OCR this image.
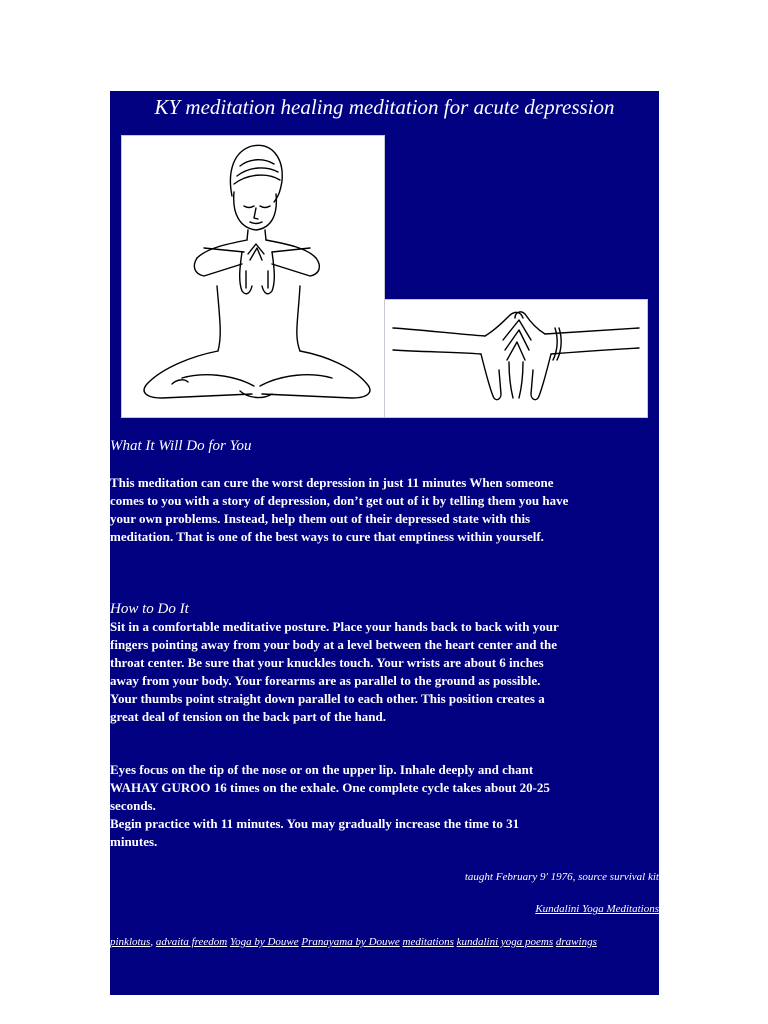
KY meditation healing meditation for acute depression
What It Will Do for You
This meditation can cure the worst depression in just 11 minutes When someone
comes to you with a story of depression, don’t get out of it by telling them you have
your own problems. Instead, help them out of their depressed state with this
meditation. That is one of the best ways to cure that emptiness within yourself.
How to Do It
Sit in a comfortable meditative posture. Place your hands back to back with your
fingers pointing away from your body at a level between the heart center and the
throat center. Be sure that your knuckles touch. Your wrists are about 6 inches
away from your body. Your forearms are as parallel to the ground as possible.
Your thumbs point straight down parallel to each other. This position creates a
great deal of tension on the back part of the hand.
Eyes focus on the tip of the nose or on the upper lip. Inhale deeply and chant
WAHAY GUROO 16 times on the exhale. One complete cycle takes about 20-25
seconds.
Begin practice with 11 minutes. You may gradually increase the time to 31
minutes.
taught February 9' 1976, source survival kit
Kundalini Yoga Meditations
pinklotus, advaita freedom Yoga by Douwe Pranayama by Douwe meditations kundalini yoga poems drawings
